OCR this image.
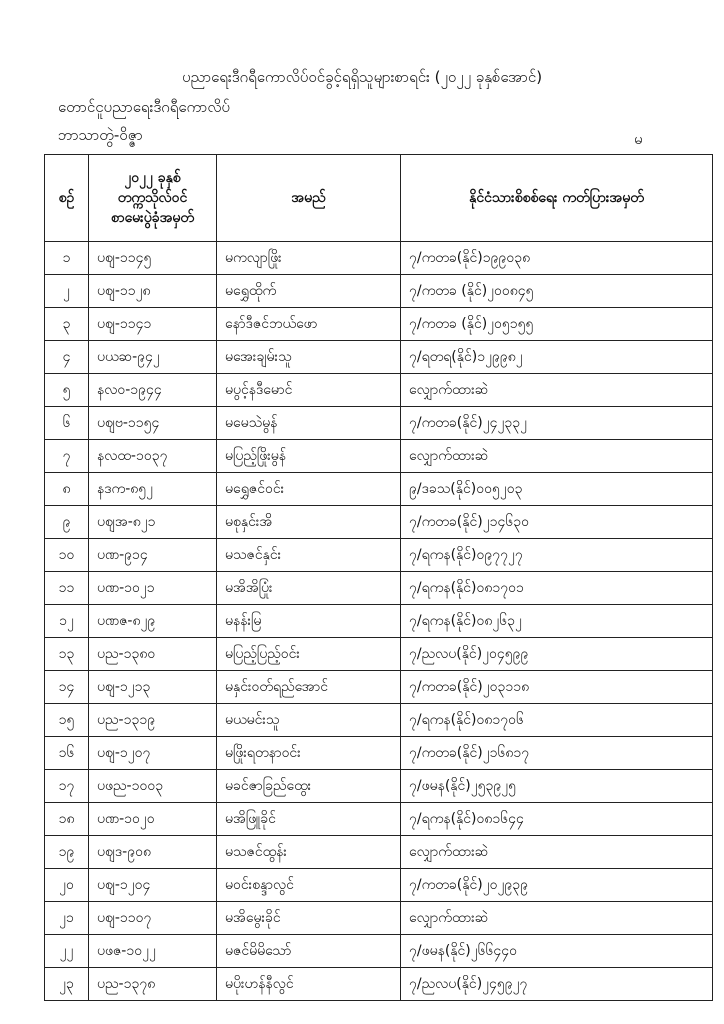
ပညာရေးဒီဂရီကောလိပ်ဝင်ခွင့်ရရှိသူများစာရင်း (၂၀၂၂ ခုနှစ်အောင်)
တောင်ငူပညာရေးဒီဂရီကောလိပ်
ဘာသာတွဲ-ဝိဇ္ဇာ	မ
စဉ်	၂၀၂၂ ခုနှစ် တက္ကသိုလ်ဝင် စာမေးပွဲခုံအမှတ်	အမည်	နိုင်ငံသားစိစစ်ရေး ကတ်ပြားအမှတ်
၁	ပဈ-၁၁၄၅	မကလျာဖြိုး	၇/ကတခ(နိုင်)၁၉၉၀၃၈
၂	ပဈ-၁၁၂၈	မရွှေထိုက်	၇/ကတခ (နိုင်)၂၀၀၈၄၅
၃	ပဈ-၁၁၄၁	နော်ဒီဇင်ဘယ်ဖော	၇/ကတခ (နိုင်)၂၀၅၁၅၅
၄	ပယဆ-၉၄၂	မအေးချမ်းသူ	၇/ရတရ(နိုင်)၁၂၉၉၈၂
၅	နလဝ-၁၉၄၄	မပွင့်နဒီမောင်	လျှောက်ထားဆဲ
၆	ပဈဗ-၁၁၅၄	မမေသဲမွန်	၇/ကတခ(နိုင်)၂၄၂၃၃၂
၇	နလထ-၁၀၃၇	မပြည့်ဖြိုးမွန်	လျှောက်ထားဆဲ
၈	နဒက-၈၅၂	မရွှေဇင်ဝင်း	၉/ဒခသ(နိုင်)၀၀၅၂၀၃
၉	ပဈအ-၈၂၁	မစုနှင်းအိ	၇/ကတခ(နိုင်)၂၁၄၆၃၀
၁၀	ပဏ-၉၁၄	မသဇင်နှင်း	၇/ရကန(နိုင်)၀၉၇၇၂၇
၁၁	ပဏ-၁၀၂၁	မအိအိပြုံး	၇/ရကန(နိုင်)၀၈၁၇၀၁
၁၂	ပဏဇ-၈၂၉	မနန်းမြ	၇/ရကန(နိုင်)၀၈၂၆၃၂
၁၃	ပည-၁၃၈၀	မပြည့်ပြည့်ဝင်း	၇/ညလပ(နိုင်)၂၀၄၅၉၉
၁၄	ပဈ-၁၂၁၃	မနှင်းဝတ်ရည်အောင်	၇/ကတခ(နိုင်)၂၀၃၁၁၈
၁၅	ပည-၁၃၁၉	မယမင်းသူ	၇/ရကန(နိုင်)၀၈၁၇၀၆
၁၆	ပဈ-၁၂၀၇	မဖြိုးရတနာဝင်း	၇/ကတခ(နိုင်)၂၁၆၈၁၇
၁၇	ပဖည-၁၀၀၃	မခင်ဇာခြည်ထွေး	၇/ဖမန(နိုင်)၂၅၃၉၂၅
၁၈	ပဏ-၁၀၂၀	မအိဖြူခိုင်	၇/ရကန(နိုင်)၀၈၁၆၄၄
၁၉	ပဈဒ-၉၀၈	မသဇင်ထွန်း	လျှောက်ထားဆဲ
၂၀	ပဈ-၁၂၀၄	မဝင်းစန္ဒာလွင်	၇/ကတခ(နိုင်)၂၀၂၉၃၉
၂၁	ပဈ-၁၁၀၇	မအိမွေးခိုင်	လျှောက်ထားဆဲ
၂၂	ပဖဇ-၁၀၂၂	မဇင်မိမိသော်	၇/ဖမန(နိုင်)၂၆၆၄၄၀
၂၃	ပည-၁၃၇၈	မပိုးဟန်နီလွင်	၇/ညလပ(နိုင်)၂၄၅၉၂၇
